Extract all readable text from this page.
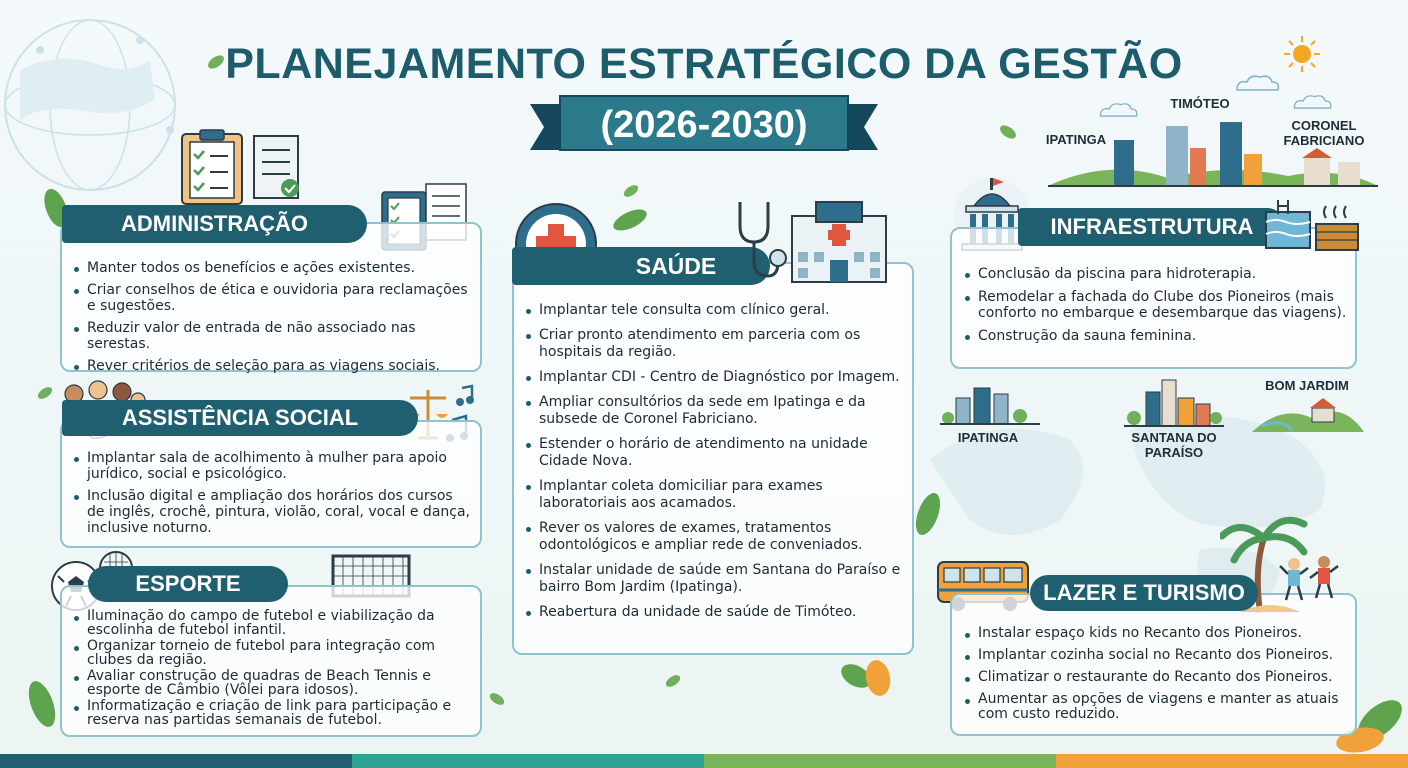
PLANEJAMENTO ESTRATÉGICO DA GESTÃO
(2026-2030)
TIMÓTEO
IPATINGA
CORONEL
FABRICIANO
ADMINISTRAÇÃO
Manter todos os benefícios e ações existentes.
Criar conselhos de ética e ouvidoria para reclamações e sugestões.
Reduzir valor de entrada de não associado nas serestas.
Rever critérios de seleção para as viagens sociais.
ASSISTÊNCIA SOCIAL
Implantar sala de acolhimento à mulher para apoio jurídico, social e psicológico.
Inclusão digital e ampliação dos horários dos cursos de inglês, crochê, pintura, violão, coral, vocal e dança, inclusive noturno.
ESPORTE
Iluminação do campo de futebol e viabilização da escolinha de futebol infantil.
Organizar torneio de futebol para integração com clubes da região.
Avaliar construção de quadras de Beach Tennis e esporte de Câmbio (Vôlei para idosos).
Informatização e criação de link para participação e reserva nas partidas semanais de futebol.
SAÚDE
Implantar tele consulta com clínico geral.
Criar pronto atendimento em parceria com os hospitais da região.
Implantar CDI - Centro de Diagnóstico por Imagem.
Ampliar consultórios da sede em Ipatinga e da subsede de Coronel Fabriciano.
Estender o horário de atendimento na unidade Cidade Nova.
Implantar coleta domiciliar para exames laboratoriais aos acamados.
Rever os valores de exames, tratamentos odontológicos e ampliar rede de conveniados.
Instalar unidade de saúde em Santana do Paraíso e bairro Bom Jardim (Ipatinga).
Reabertura da unidade de saúde de Timóteo.
INFRAESTRUTURA
Conclusão da piscina para hidroterapia.
Remodelar a fachada do Clube dos Pioneiros (mais conforto no embarque e desembarque das viagens).
Construção da sauna feminina.
IPATINGA	SANTANA DO
PARAÍSO
BOM JARDIM
LAZER E TURISMO
Instalar espaço kids no Recanto dos Pioneiros.
Implantar cozinha social no Recanto dos Pioneiros.
Climatizar o restaurante do Recanto dos Pioneiros.
Aumentar as opções de viagens e manter as atuais com custo reduzido.
